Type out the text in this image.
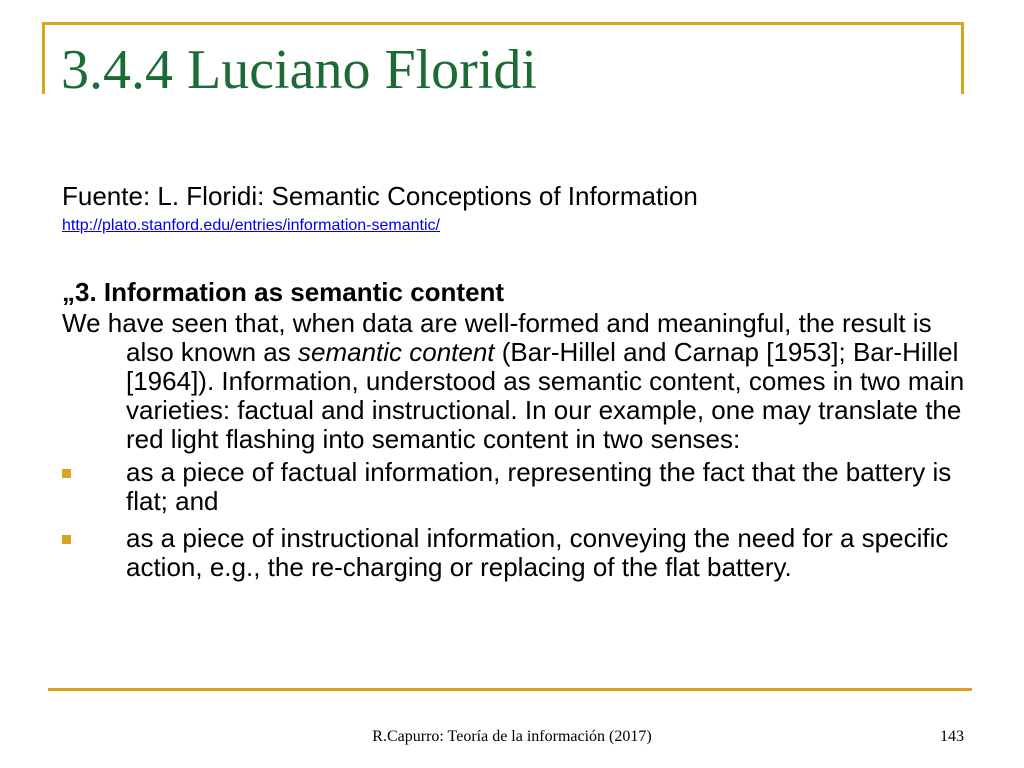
3.4.4 Luciano Floridi
Fuente: L. Floridi: Semantic Conceptions of Information
http://plato.stanford.edu/entries/information-semantic/
„3. Information as semantic content

We have seen that, when data are well-formed and meaningful, the result is also known as semantic content (Bar-Hillel and Carnap [1953]; Bar-Hillel [1964]). Information, understood as semantic content, comes in two main varieties: factual and instructional. In our example, one may translate the red light flashing into semantic content in two senses:

as a piece of factual information, representing the fact that the battery is flat; and
as a piece of instructional information, conveying the need for a specific action, e.g., the re-charging or replacing of the flat battery.
R.Capurro: Teoría de la información (2017)	143
